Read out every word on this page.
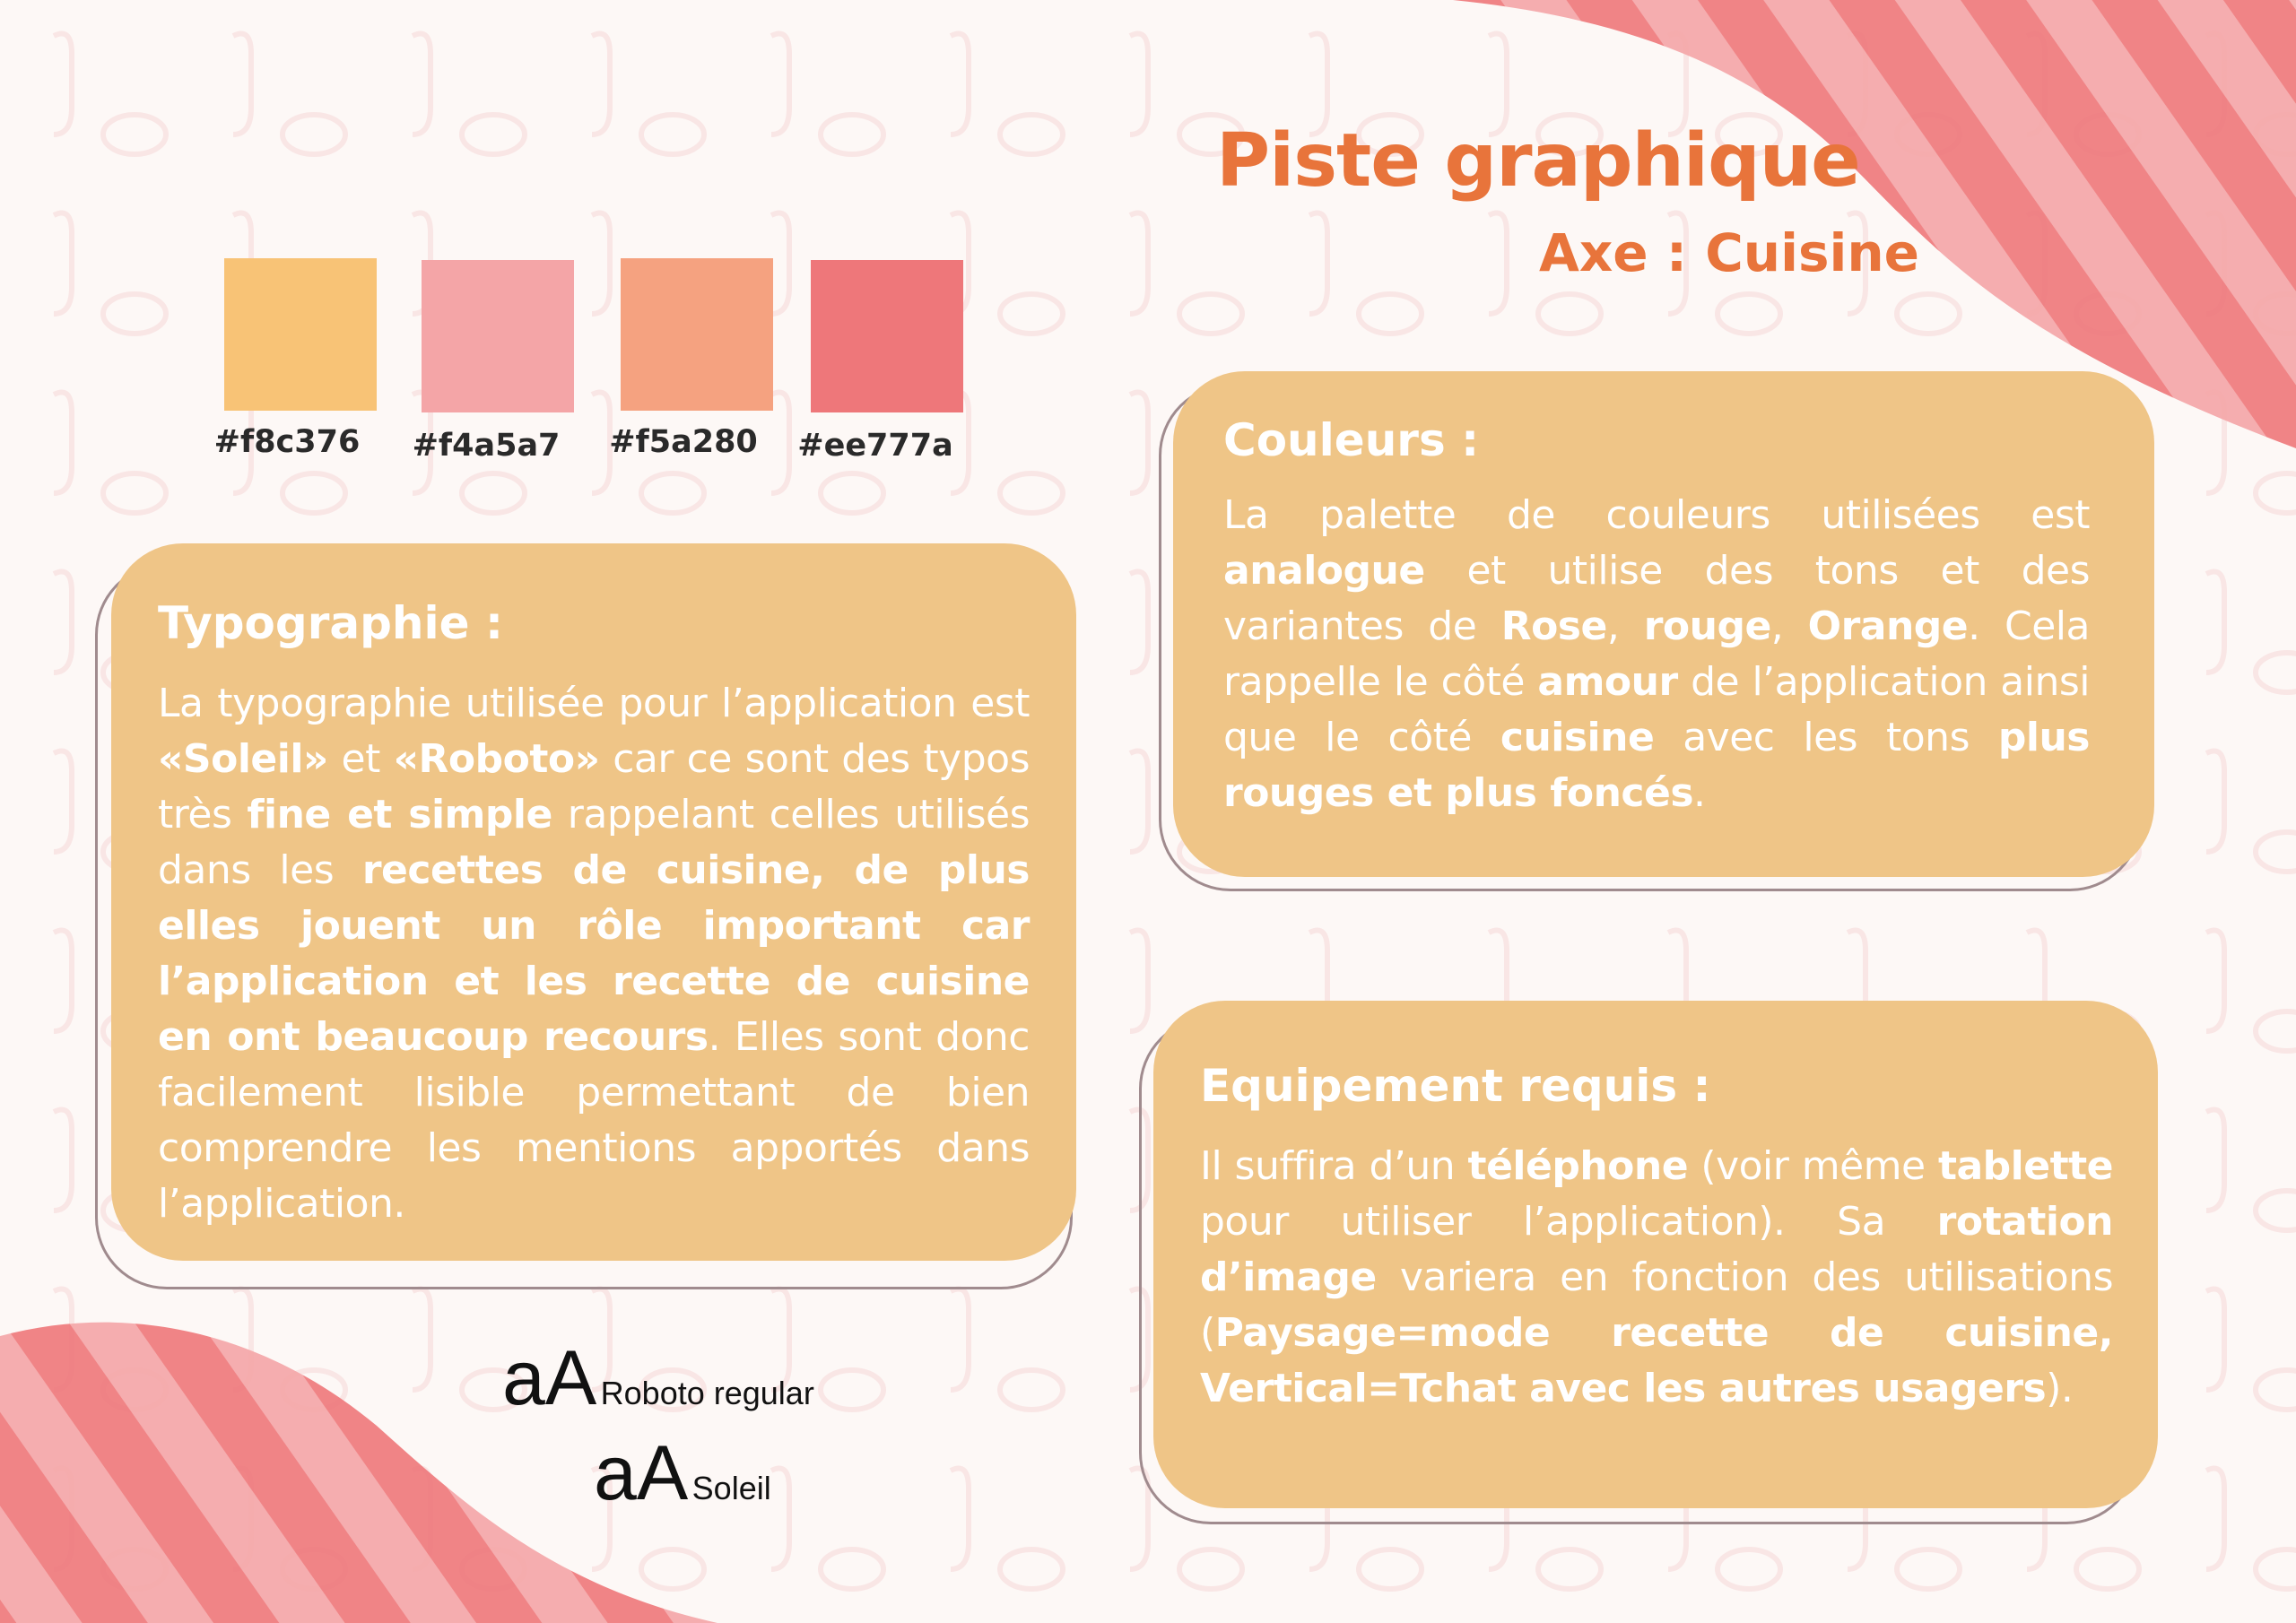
Piste graphique
Axe : Cuisine
#f8c376	#f4a5a7	#f5a280	#ee777a
Typographie :

La typographie utilisée pour l’application est «Soleil» et «Roboto» car ce sont des typos très fine et simple rappelant celles utilisés dans les recettes de cuisine, de plus elles jouent un rôle important car l’application et les recette de cuisine en ont beaucoup recours. Elles sont donc facilement lisible permettant de bien comprendre les mentions apportés dans l’application.

Couleurs :

La palette de couleurs utilisées est analogue et utilise des tons et des variantes de Rose, rouge, Orange. Cela rappelle le côté amour de l’application ainsi que le côté cuisine avec les tons plus rouges et plus foncés.

Equipement requis :

Il suffira d’un téléphone (voir même tablette pour utiliser l’application). Sa rotation d’image variera en fonction des utilisations (Paysage=mode recette de cuisine, Vertical=Tchat avec les autres usagers).

aA Roboto regular
aA Soleil
